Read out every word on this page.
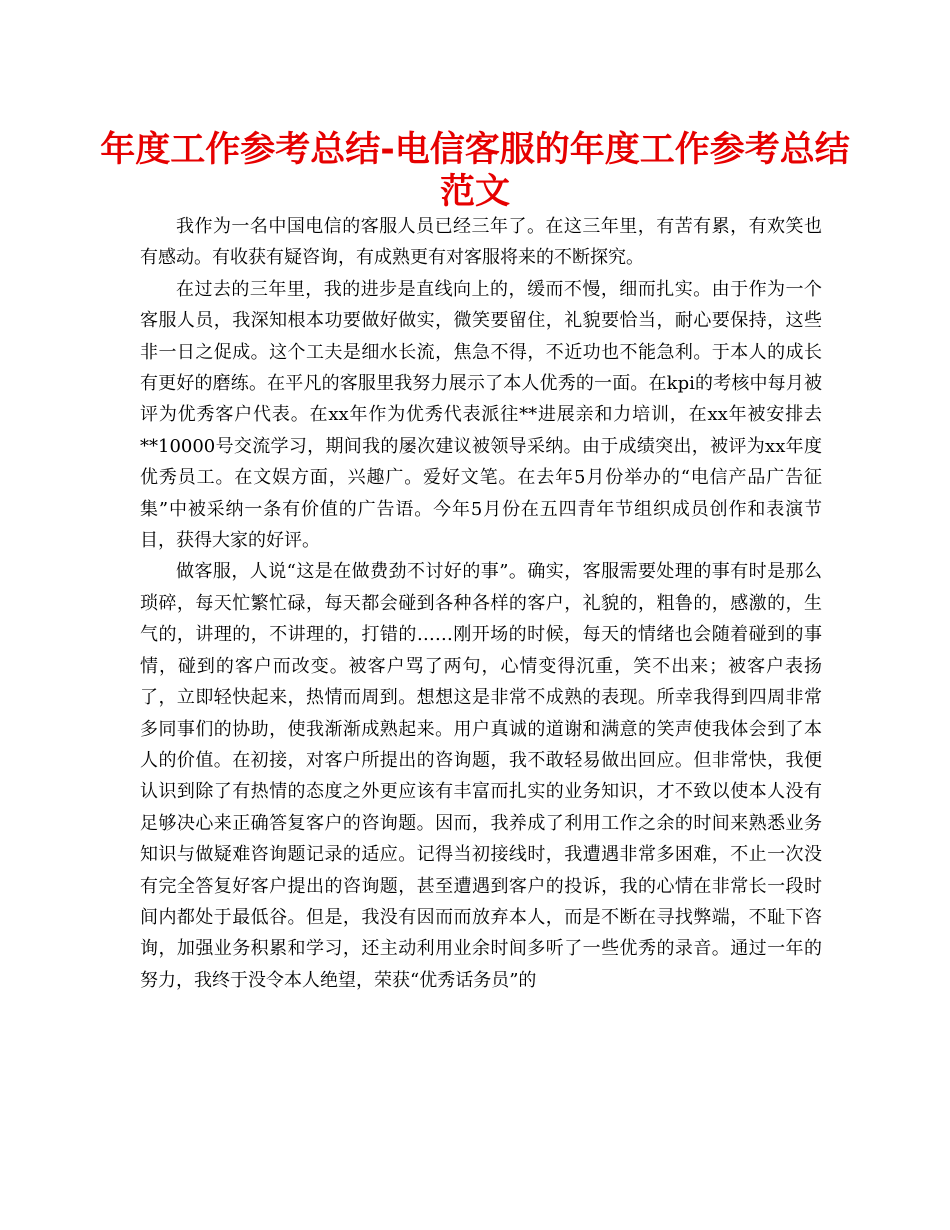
年度工作参考总结-电信客服的年度工作参考总结
范文

我作为一名中国电信的客服人员已经三年了。在这三年里，有苦有累，有欢笑也有感动。有收获有疑咨询，有成熟更有对客服将来的不断探究。

在过去的三年里，我的进步是直线向上的，缓而不慢，细而扎实。由于作为一个客服人员，我深知根本功要做好做实，微笑要留住，礼貌要恰当，耐心要保持，这些非一日之促成。这个工夫是细水长流，焦急不得，不近功也不能急利。于本人的成长有更好的磨练。在平凡的客服里我努力展示了本人优秀的一面。在kpi的考核中每月被评为优秀客户代表。在xx年作为优秀代表派往**进展亲和力培训，在xx年被安排去**10000号交流学习，期间我的屡次建议被领导采纳。由于成绩突出，被评为xx年度优秀员工。在文娱方面，兴趣广。爱好文笔。在去年5月份举办的“电信产品广告征集”中被采纳一条有价值的广告语。今年5月份在五四青年节组织成员创作和表演节目，获得大家的好评。

做客服，人说“这是在做费劲不讨好的事”。确实，客服需要处理的事有时是那么琐碎，每天忙繁忙碌，每天都会碰到各种各样的客户，礼貌的，粗鲁的，感激的，生气的，讲理的，不讲理的，打错的……刚开场的时候，每天的情绪也会随着碰到的事情，碰到的客户而改变。被客户骂了两句，心情变得沉重，笑不出来；被客户表扬了，立即轻快起来，热情而周到。想想这是非常不成熟的表现。所幸我得到四周非常多同事们的协助，使我渐渐成熟起来。用户真诚的道谢和满意的笑声使我体会到了本人的价值。在初接，对客户所提出的咨询题，我不敢轻易做出回应。但非常快，我便认识到除了有热情的态度之外更应该有丰富而扎实的业务知识，才不致以使本人没有足够决心来正确答复客户的咨询题。因而，我养成了利用工作之余的时间来熟悉业务知识与做疑难咨询题记录的适应。记得当初接线时，我遭遇非常多困难，不止一次没有完全答复好客户提出的咨询题，甚至遭遇到客户的投诉，我的心情在非常长一段时间内都处于最低谷。但是，我没有因而而放弃本人，而是不断在寻找弊端，不耻下咨询，加强业务积累和学习，还主动利用业余时间多听了一些优秀的录音。通过一年的努力，我终于没令本人绝望，荣获“优秀话务员”的
